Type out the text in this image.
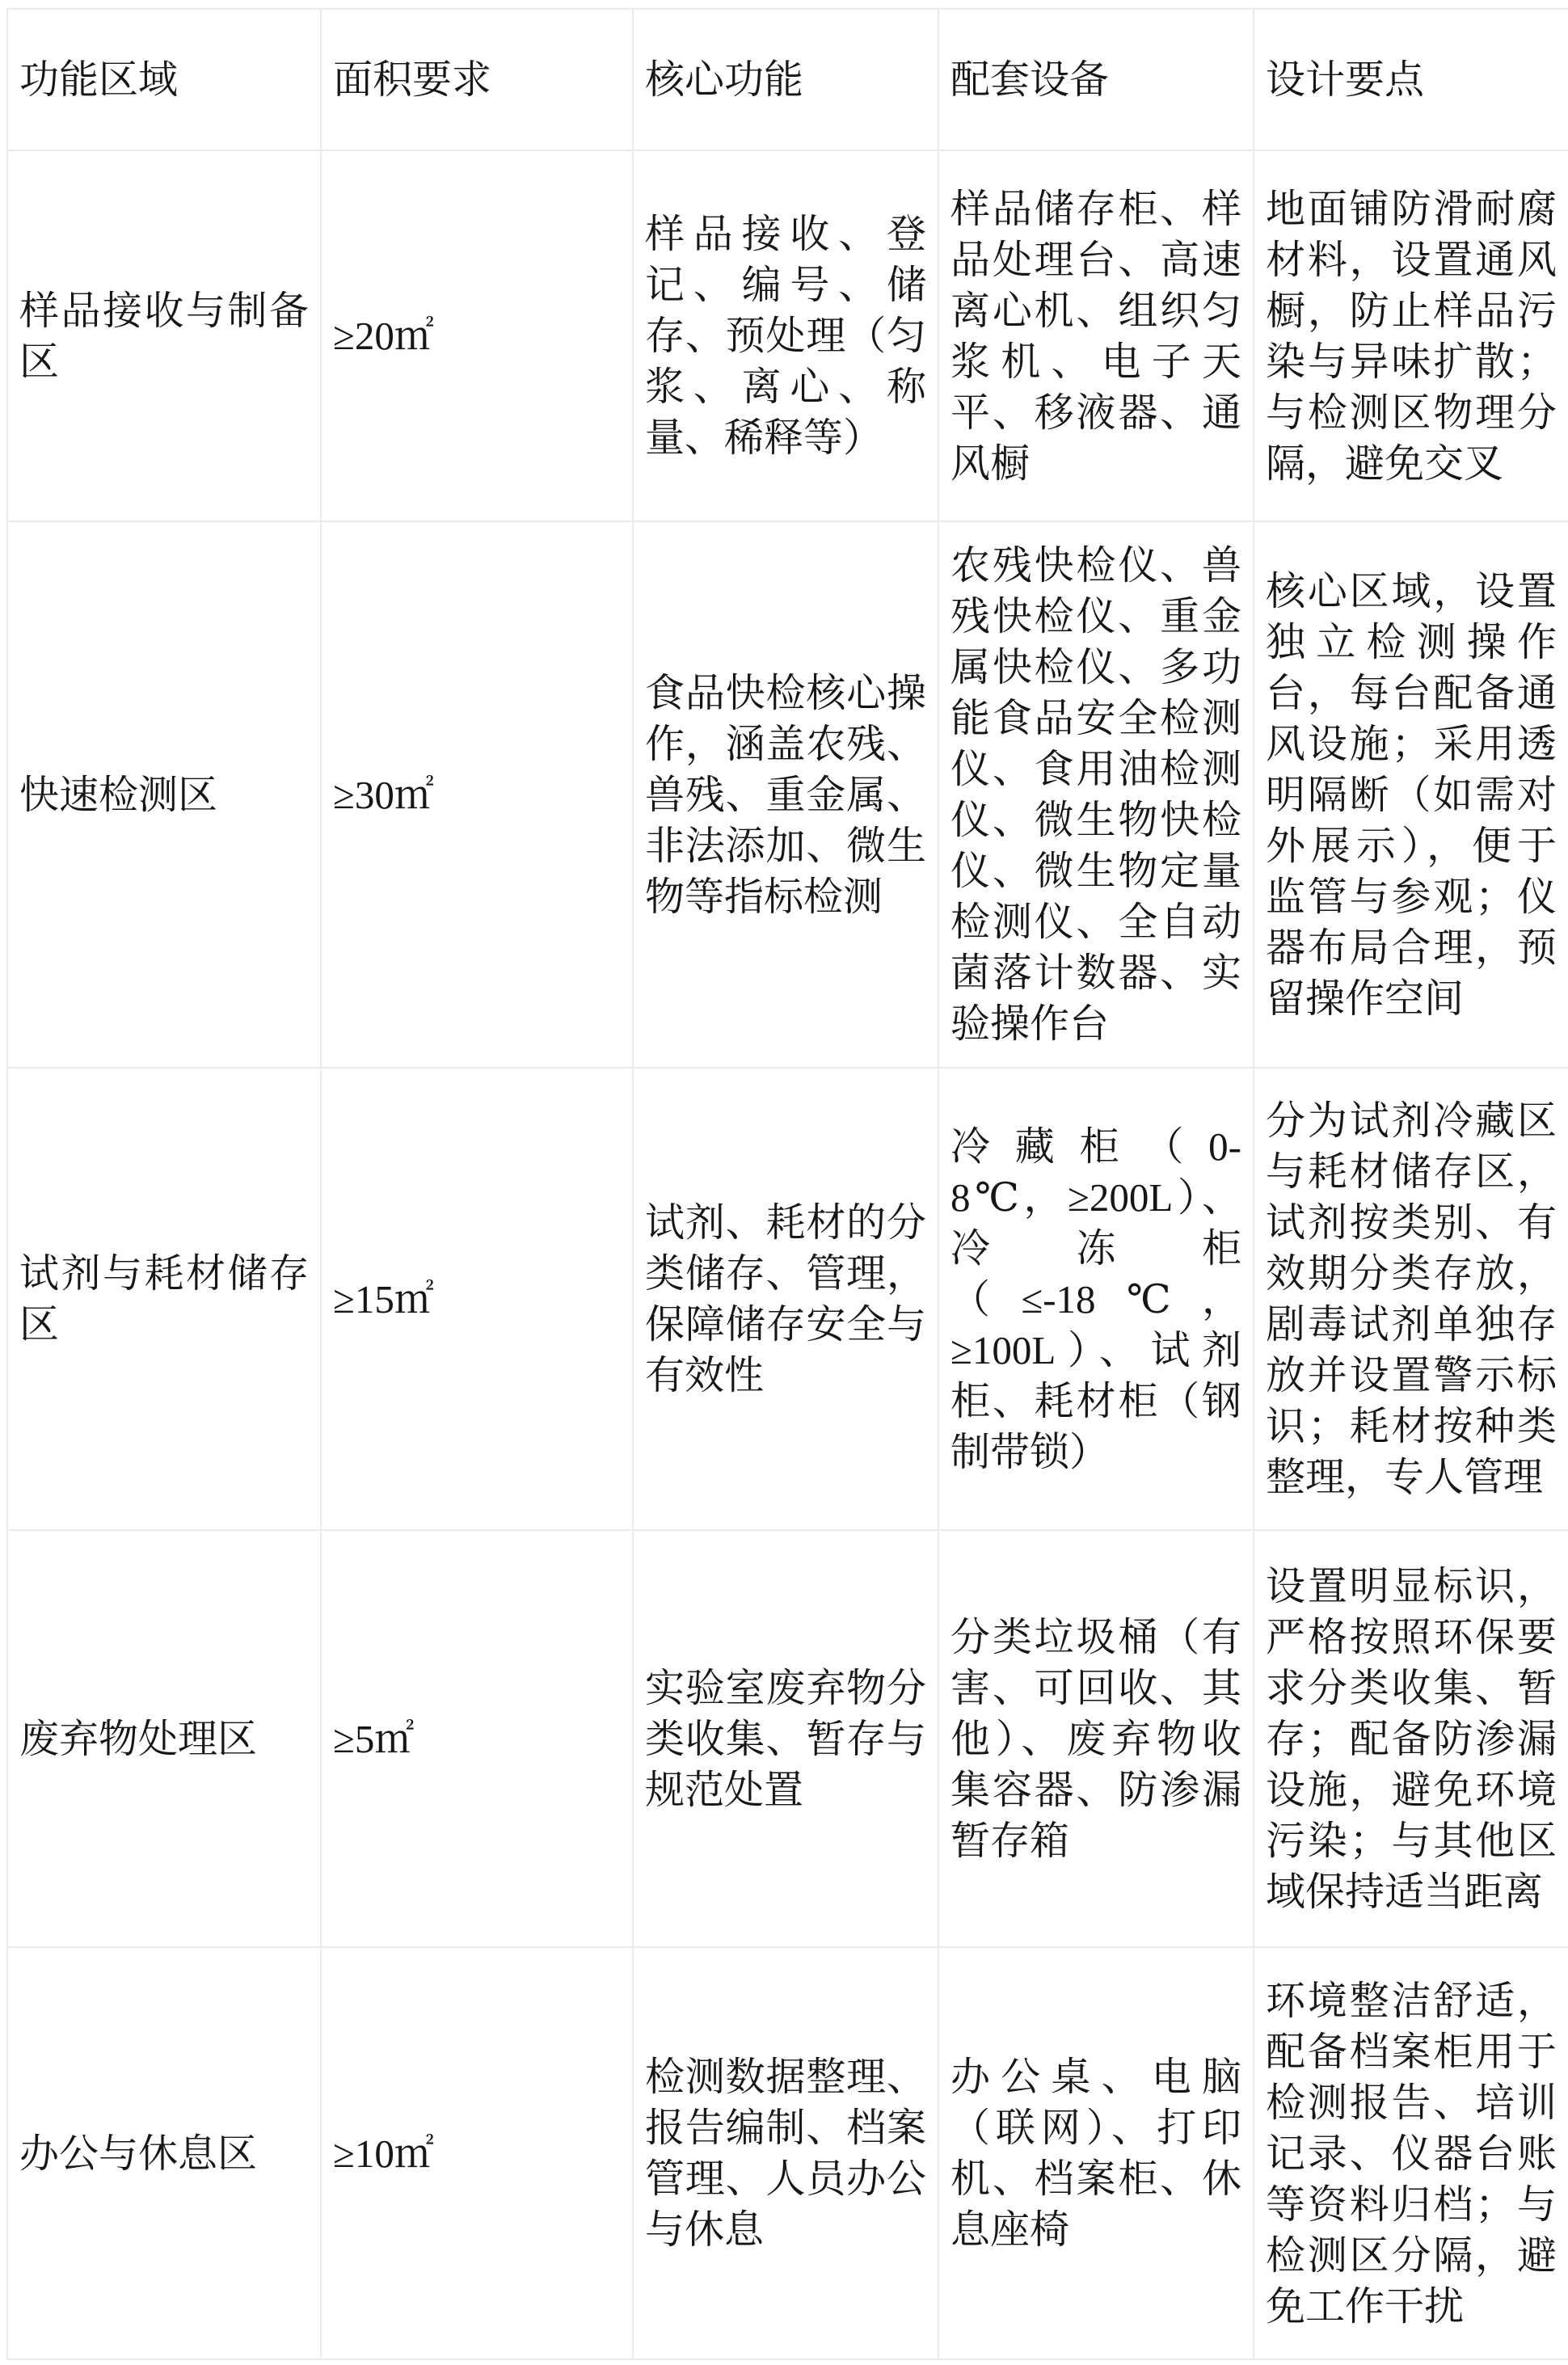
功能区域	面积要求	核心功能	配套设备	设计要点
样品接收与制备区	≥20㎡	样品接收、登记、编号、储存、预处理（匀浆、离心、称量、稀释等）	样品储存柜、样品处理台、高速离心机、组织匀浆机、电子天平、移液器、通风橱	地面铺防滑耐腐材料，设置通风橱，防止样品污染与异味扩散；与检测区物理分隔，避免交叉
快速检测区	≥30㎡	食品快检核心操作，涵盖农残、兽残、重金属、非法添加、微生物等指标检测	农残快检仪、兽残快检仪、重金属快检仪、多功能食品安全检测仪、食用油检测仪、微生物快检仪、微生物定量检测仪、全自动菌落计数器、实验操作台	核心区域，设置独立检测操作台，每台配备通风设施；采用透明隔断（如需对外展示），便于监管与参观；仪器布局合理，预留操作空间
试剂与耗材储存区	≥15㎡	试剂、耗材的分类储存、管理，保障储存安全与有效性	冷藏柜（0-8℃，≥200L）、冷冻柜（≤-18℃，≥100L）、试剂柜、耗材柜（钢制带锁）	分为试剂冷藏区与耗材储存区，试剂按类别、有效期分类存放，剧毒试剂单独存放并设置警示标识；耗材按种类整理，专人管理
废弃物处理区	≥5㎡	实验室废弃物分类收集、暂存与规范处置	分类垃圾桶（有害、可回收、其他）、废弃物收集容器、防渗漏暂存箱	设置明显标识，严格按照环保要求分类收集、暂存；配备防渗漏设施，避免环境污染；与其他区域保持适当距离
办公与休息区	≥10㎡	检测数据整理、报告编制、档案管理、人员办公与休息	办公桌、电脑（联网）、打印机、档案柜、休息座椅	环境整洁舒适，配备档案柜用于检测报告、培训记录、仪器台账等资料归档；与检测区分隔，避免工作干扰
